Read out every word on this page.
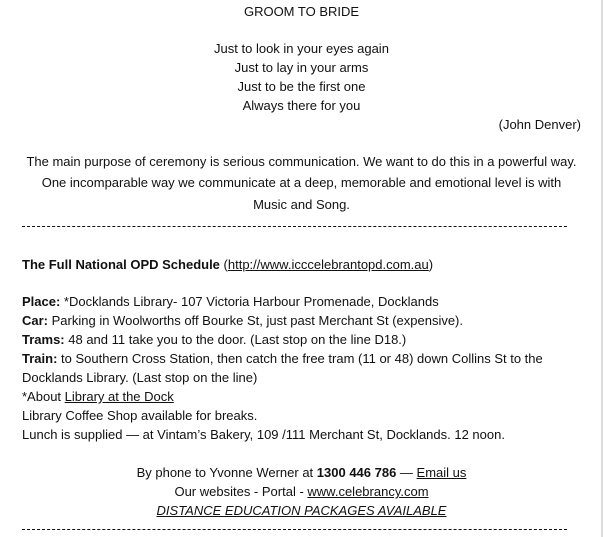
GROOM TO BRIDE
Just to look in your eyes again
Just to lay in your arms
Just to be the first one
Always there for you
(John Denver)
The main purpose of ceremony is serious communication. We want to do this in a powerful way.
One incomparable way we communicate at a deep, memorable and emotional level is with
Music and Song.
The Full National OPD Schedule (http://www.icccelebrantopd.com.au)
Place: *Docklands Library- 107 Victoria Harbour Promenade, Docklands
Car: Parking in Woolworths off Bourke St, just past Merchant St (expensive).
Trams: 48 and 11 take you to the door. (Last stop on the line D18.)
Train: to Southern Cross Station, then catch the free tram (11 or 48) down Collins St to the
Docklands Library. (Last stop on the line)
*About Library at the Dock
Library Coffee Shop available for breaks.
Lunch is supplied — at Vintam’s Bakery, 109 /111 Merchant St, Docklands. 12 noon.
By phone to Yvonne Werner at 1300 446 786 — Email us
Our websites - Portal - www.celebrancy.com
DISTANCE EDUCATION PACKAGES AVAILABLE
